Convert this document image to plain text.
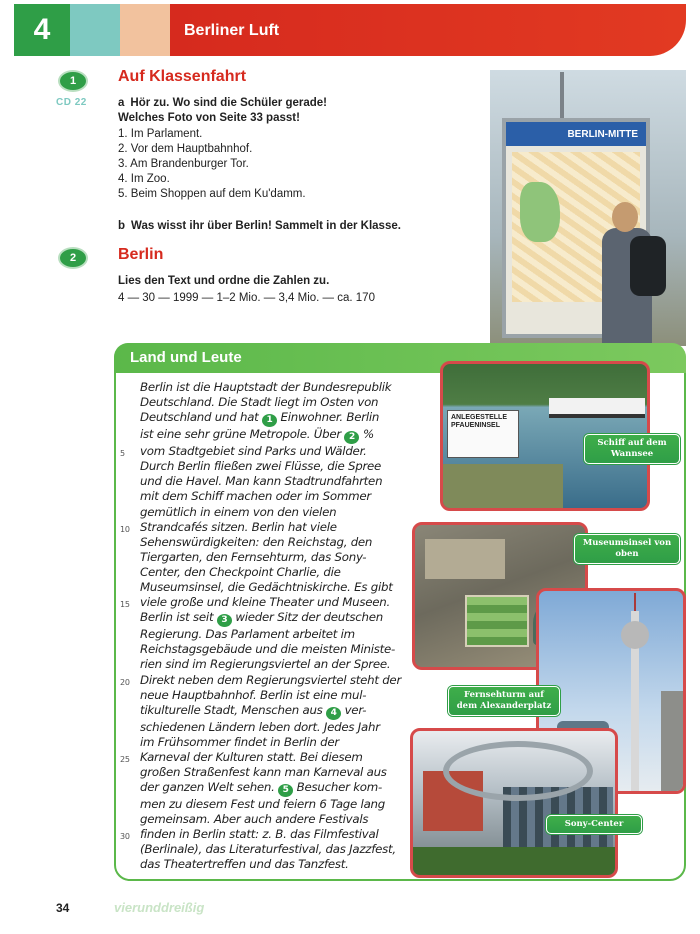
4	Berliner Luft
1
CD 22
Auf Klassenfahrt
a Hör zu. Wo sind die Schüler gerade!
Welches Foto von Seite 33 passt!
1. Im Parlament.
2. Vor dem Hauptbahnhof.
3. Am Brandenburger Tor.
4. Im Zoo.
5. Beim Shoppen auf dem Ku'damm.
b Was wisst ihr über Berlin! Sammelt in der Klasse.
2	Berlin
Lies den Text und ordne die Zahlen zu.
4 — 30 — 1999 — 1–2 Mio. — 3,4 Mio. — ca. 170
BERLIN-MITTE
Land und Leute
Berlin ist die Hauptstadt der Bundesrepublik
Deutschland. Die Stadt liegt im Osten von
Deutschland und hat 1 Einwohner. Berlin
ist eine sehr grüne Metropole. Über 2 %
5 vom Stadtgebiet sind Parks und Wälder.
Durch Berlin fließen zwei Flüsse, die Spree
und die Havel. Man kann Stadtrundfahrten
mit dem Schiff machen oder im Sommer
gemütlich in einem von den vielen
10 Strandcafés sitzen. Berlin hat viele
Sehenswürdigkeiten: den Reichstag, den
Tiergarten, den Fernsehturm, das Sony-
Center, den Checkpoint Charlie, die
Museumsinsel, die Gedächtniskirche. Es gibt
15 viele große und kleine Theater und Museen.
Berlin ist seit 3 wieder Sitz der deutschen
Regierung. Das Parlament arbeitet im
Reichstagsgebäude und die meisten Ministe-
rien sind im Regierungsviertel an der Spree.
20 Direkt neben dem Regierungsviertel steht der
neue Hauptbahnhof. Berlin ist eine mul-
tikulturelle Stadt, Menschen aus 4 ver-
schiedenen Ländern leben dort. Jedes Jahr
im Frühsommer findet in Berlin der
25 Karneval der Kulturen statt. Bei diesem
großen Straßenfest kann man Karneval aus
der ganzen Welt sehen. 5 Besucher kom-
men zu diesem Fest und feiern 6 Tage lang
gemeinsam. Aber auch andere Festivals
30 finden in Berlin statt: z. B. das Filmfestival
(Berlinale), das Literaturfestival, das Jazzfest,
das Theatertreffen und das Tanzfest.
ANLEGESTELLE PFAUENINSEL
Schiff auf dem Wannsee
Museumsinsel von oben
Fernsehturm auf dem Alexanderplatz
Sony-Center
34	vierunddreißig
